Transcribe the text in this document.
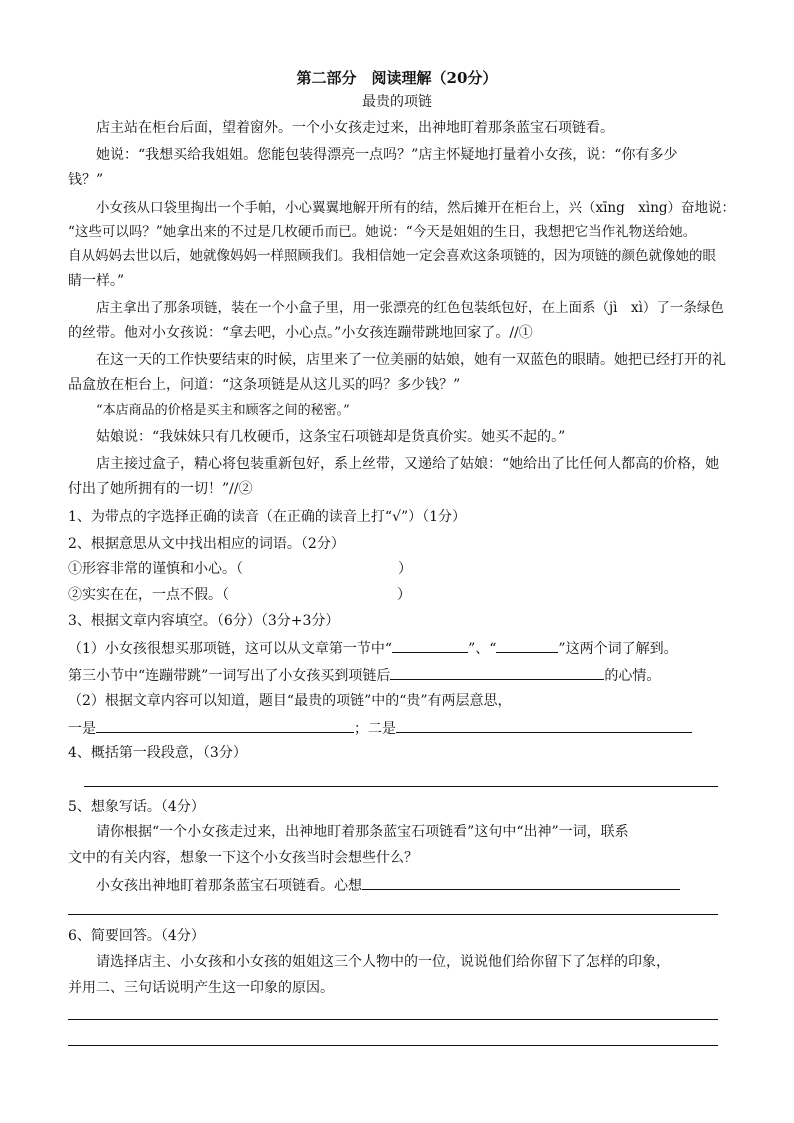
第二部分　阅读理解（20分）
最贵的项链
店主站在柜台后面，望着窗外。一个小女孩走过来，出神地盯着那条蓝宝石项链看。
她说：“我想买给我姐姐。您能包装得漂亮一点吗？”店主怀疑地打量着小女孩，说：“你有多少
钱？”
小女孩从口袋里掏出一个手帕，小心翼翼地解开所有的结，然后摊开在柜台上，兴（xīng　xìng）奋地说：
“这些可以吗？”她拿出来的不过是几枚硬币而已。她说：“今天是姐姐的生日，我想把它当作礼物送给她。
自从妈妈去世以后，她就像妈妈一样照顾我们。我相信她一定会喜欢这条项链的，因为项链的颜色就像她的眼
睛一样。”
店主拿出了那条项链，装在一个小盒子里，用一张漂亮的红色包装纸包好，在上面系（jì　xì）了一条绿色
的丝带。他对小女孩说：“拿去吧，小心点。”小女孩连蹦带跳地回家了。//①
在这一天的工作快要结束的时候，店里来了一位美丽的姑娘，她有一双蓝色的眼睛。她把已经打开的礼
品盒放在柜台上，问道：“这条项链是从这儿买的吗？多少钱？”
“本店商品的价格是买主和顾客之间的秘密。”
姑娘说：“我妹妹只有几枚硬币，这条宝石项链却是货真价实。她买不起的。”
店主接过盒子，精心将包装重新包好，系上丝带，又递给了姑娘：“她给出了比任何人都高的价格，她
付出了她所拥有的一切！”//②
1、为带点的字选择正确的读音（在正确的读音上打“√”）（1分）
2、根据意思从文中找出相应的词语。（2分）
①形容非常的谨慎和小心。（	）
②实实在在，一点不假。（	）
3、根据文章内容填空。（6分）（3分+3分）
（1）小女孩很想买那项链，这可以从文章第一节中“	”、“	”这两个词了解到。
第三小节中“连蹦带跳”一词写出了小女孩买到项链后	的心情。
（2）根据文章内容可以知道，题目“最贵的项链”中的“贵”有两层意思，
一是	；二是
4、概括第一段段意，（3分）
5、想象写话。（4分）
请你根据“一个小女孩走过来，出神地盯着那条蓝宝石项链看”这句中“出神”一词，联系
文中的有关内容，想象一下这个小女孩当时会想些什么？
小女孩出神地盯着那条蓝宝石项链看。心想
6、简要回答。（4分）
请选择店主、小女孩和小女孩的姐姐这三个人物中的一位，说说他们给你留下了怎样的印象，
并用二、三句话说明产生这一印象的原因。
